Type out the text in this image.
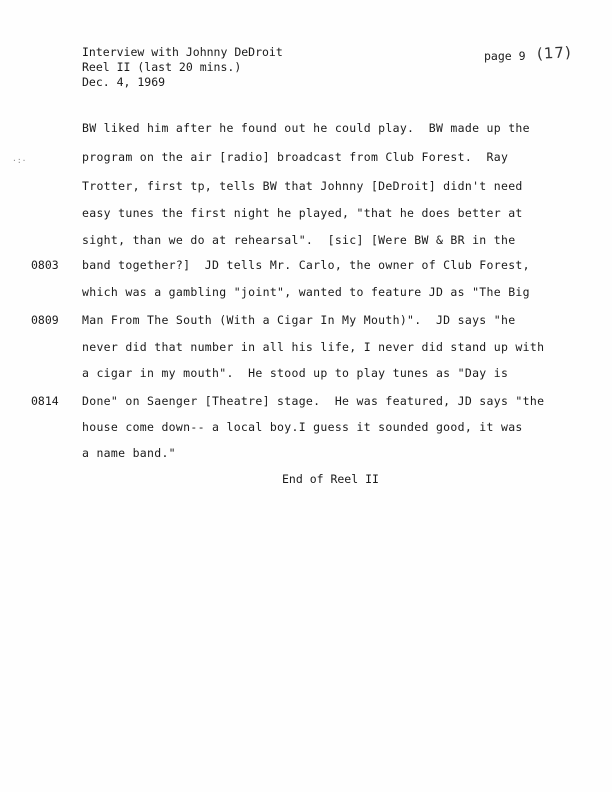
Interview with Johnny DeDroit
Reel II (last 20 mins.)
Dec. 4, 1969
page 9 (17)
·:·
BW liked him after he found out he could play.  BW made up the
program on the air [radio] broadcast from Club Forest.  Ray
Trotter, first tp, tells BW that Johnny [DeDroit] didn't need
easy tunes the first night he played, "that he does better at
sight, than we do at rehearsal".  [sic] [Were BW & BR in the
0803 band together?]  JD tells Mr. Carlo, the owner of Club Forest,
which was a gambling "joint", wanted to feature JD as "The Big
0809 Man From The South (With a Cigar In My Mouth)".  JD says "he
never did that number in all his life, I never did stand up with
a cigar in my mouth".  He stood up to play tunes as "Day is
0814 Done" on Saenger [Theatre] stage.  He was featured, JD says "the
house come down-- a local boy.I guess it sounded good, it was
a name band."
End of Reel II
